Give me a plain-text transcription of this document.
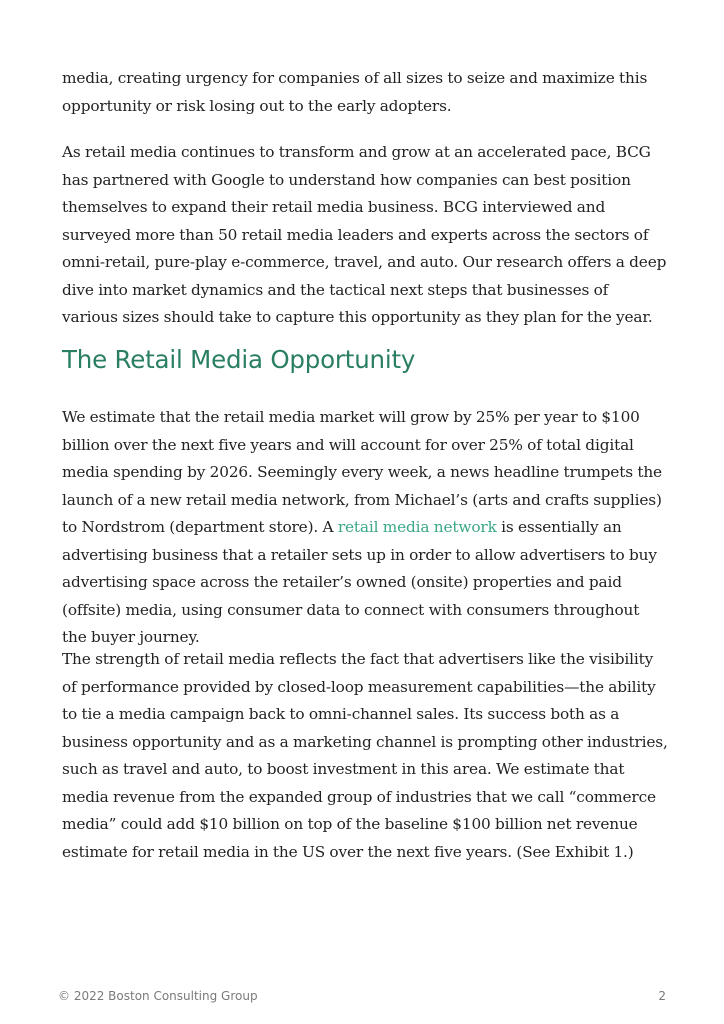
media, creating urgency for companies of all sizes to seize and maximize this opportunity or risk losing out to the early adopters.

As retail media continues to transform and grow at an accelerated pace, BCG has partnered with Google to understand how companies can best position themselves to expand their retail media business. BCG interviewed and surveyed more than 50 retail media leaders and experts across the sectors of omni-retail, pure-play e-commerce, travel, and auto. Our research offers a deep dive into market dynamics and the tactical next steps that businesses of various sizes should take to capture this opportunity as they plan for the year.

The Retail Media Opportunity

We estimate that the retail media market will grow by 25% per year to $100 billion over the next five years and will account for over 25% of total digital media spending by 2026. Seemingly every week, a news headline trumpets the launch of a new retail media network, from Michael’s (arts and crafts supplies) to Nordstrom (department store). A retail media network is essentially an advertising business that a retailer sets up in order to allow advertisers to buy advertising space across the retailer’s owned (onsite) properties and paid (offsite) media, using consumer data to connect with consumers throughout the buyer journey.

The strength of retail media reflects the fact that advertisers like the visibility of performance provided by closed-loop measurement capabilities—the ability to tie a media campaign back to omni-channel sales. Its success both as a business opportunity and as a marketing channel is prompting other industries, such as travel and auto, to boost investment in this area. We estimate that media revenue from the expanded group of industries that we call “commerce media” could add $10 billion on top of the baseline $100 billion net revenue estimate for retail media in the US over the next five years. (See Exhibit 1.)

© 2022 Boston Consulting Group	2
